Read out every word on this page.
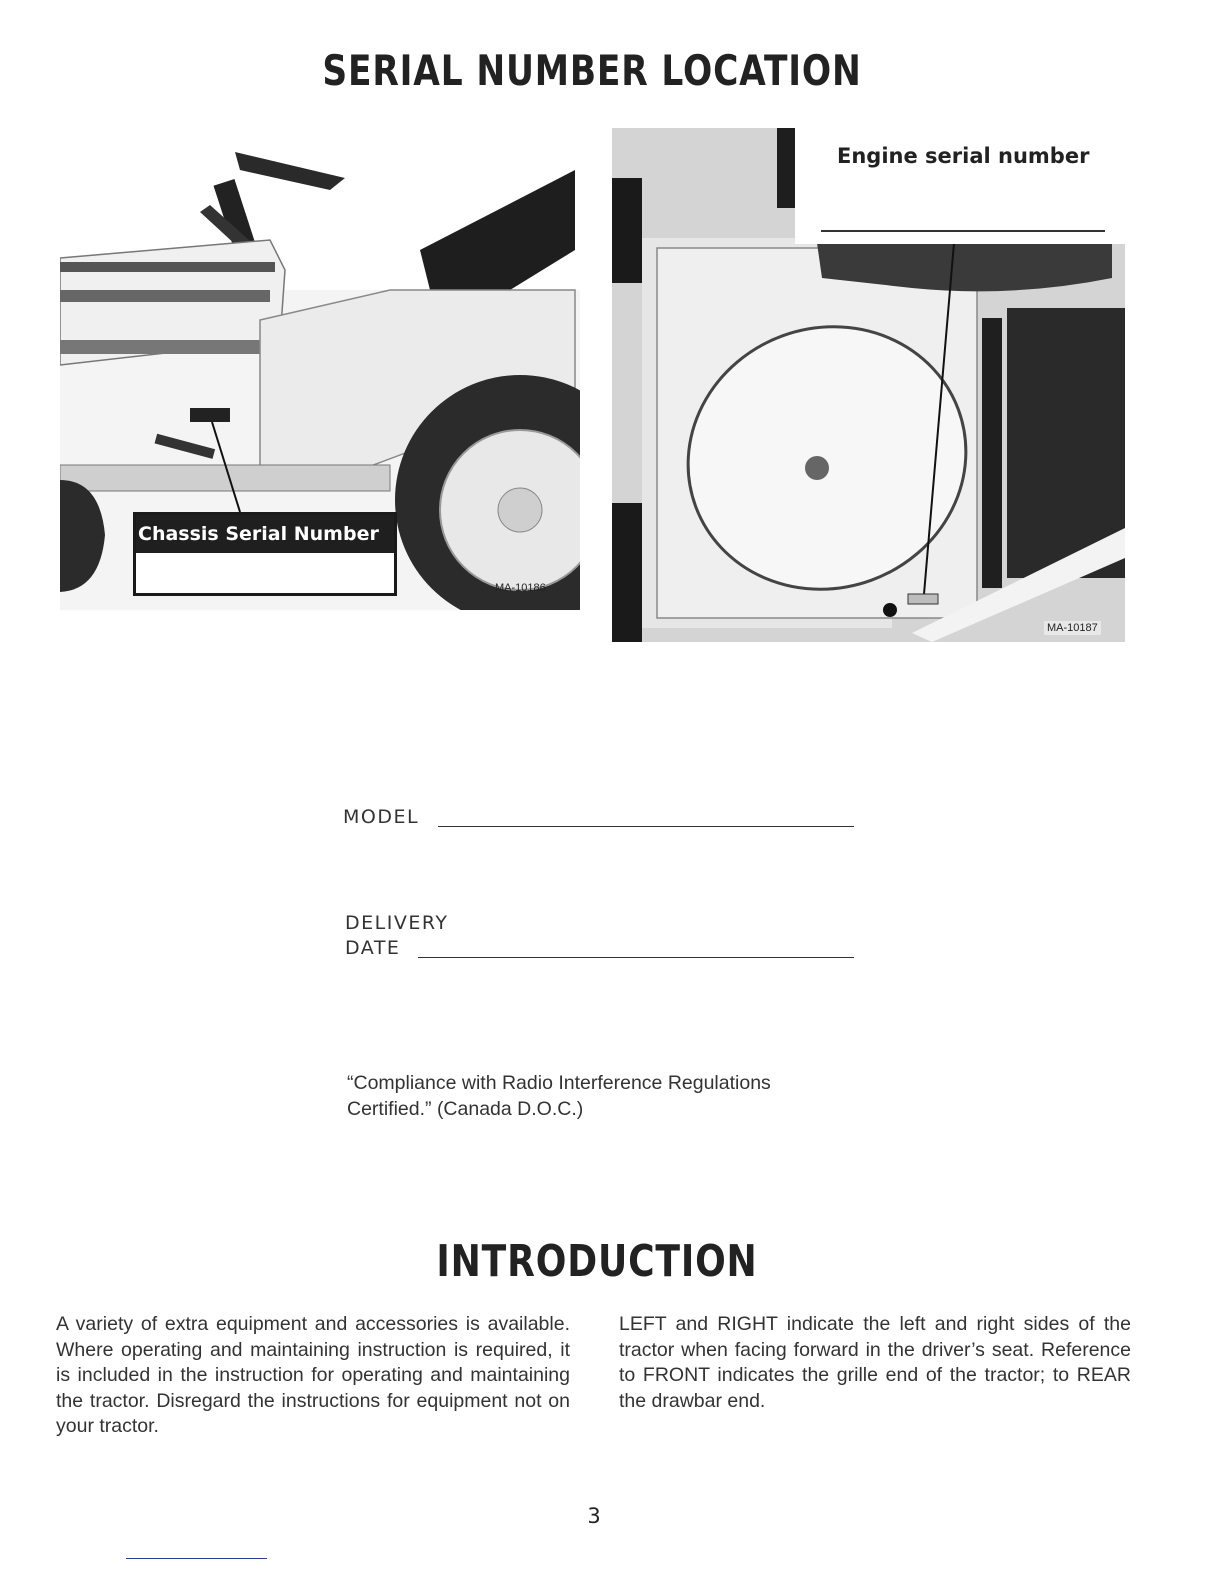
SERIAL NUMBER LOCATION
Chassis Serial Number
MA-10186
Engine serial number
MA-10187
MODEL
DELIVERY
DATE
“Compliance with Radio Interference Regulations
Certified.” (Canada D.O.C.)
INTRODUCTION
A variety of extra equipment and accessories is available. Where operating and maintaining instruction is required, it is included in the instruction for operating and maintaining the tractor. Disregard the instructions for equipment not on your tractor.
LEFT and RIGHT indicate the left and right sides of the tractor when facing forward in the driver’s seat. Reference to FRONT indicates the grille end of the tractor; to REAR the drawbar end.
3
